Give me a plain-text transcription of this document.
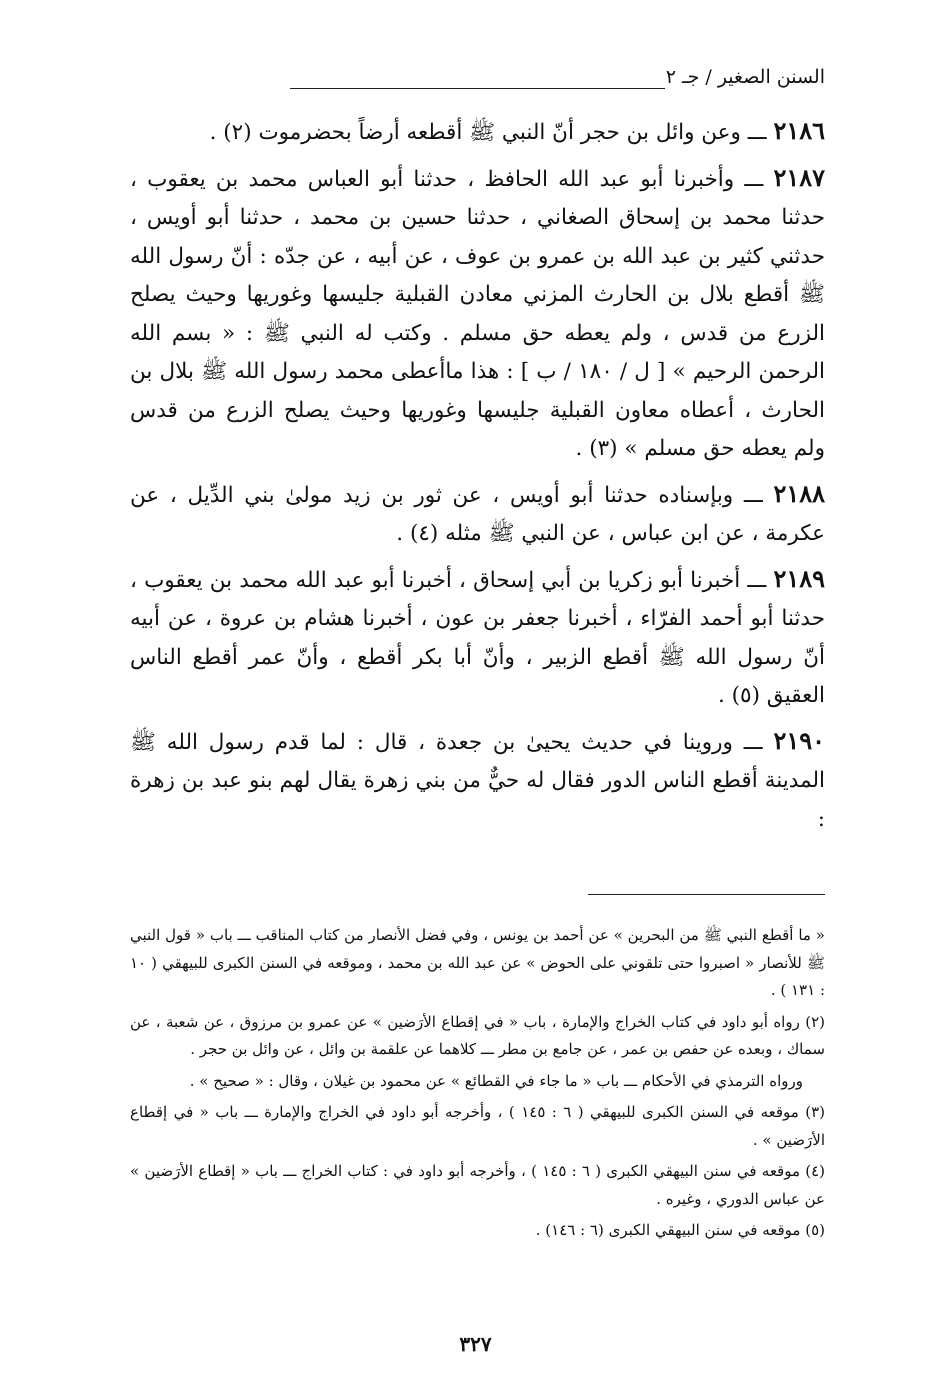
السنن الصغير / جـ ٢

٢١٨٦ ـــ وعن وائل بن حجر أنّ النبي ﷺ أقطعه أرضاً بحضرموت (٢) .

٢١٨٧ ـــ وأخبرنا أبو عبد الله الحافظ ، حدثنا أبو العباس محمد بن يعقوب ، حدثنا محمد بن إسحاق الصغاني ، حدثنا حسين بن محمد ، حدثنا أبو أويس ، حدثني كثير بن عبد الله بن عمرو بن عوف ، عن أبيه ، عن جدّه : أنّ رسول الله ﷺ أقطع بلال بن الحارث المزني معادن القبلية جليسها وغوريها وحيث يصلح الزرع من قدس ، ولم يعطه حق مسلم . وكتب له النبي ﷺ : « بسم الله الرحمن الرحيم » [ ل / ١٨٠ / ب ] : هذا ماأعطى محمد رسول الله ﷺ بلال بن الحارث ، أعطاه معاون القبلية جليسها وغوريها وحيث يصلح الزرع من قدس ولم يعطه حق مسلم » (٣) .

٢١٨٨ ـــ وبإسناده حدثنا أبو أويس ، عن ثور بن زيد مولىٰ بني الدِّيل ، عن عكرمة ، عن ابن عباس ، عن النبي ﷺ مثله (٤) .

٢١٨٩ ـــ أخبرنا أبو زكريا بن أبي إسحاق ، أخبرنا أبو عبد الله محمد بن يعقوب ، حدثنا أبو أحمد الفرّاء ، أخبرنا جعفر بن عون ، أخبرنا هشام بن عروة ، عن أبيه أنّ رسول الله ﷺ أقطع الزبير ، وأنّ أبا بكر أقطع ، وأنّ عمر أقطع الناس العقيق (٥) .

٢١٩٠ ـــ وروينا في حديث يحيىٰ بن جعدة ، قال : لما قدم رسول الله ﷺ المدينة أقطع الناس الدور فقال له حيٌّ من بني زهرة يقال لهم بنو عبد بن زهرة :

« ما أقطع النبي ﷺ من البحرين » عن أحمد بن يونس ، وفي فضل الأنصار من كتاب المناقب ـــ باب « قول النبي ﷺ للأنصار « اصبروا حتى تلقوني على الحوض » عن عبد الله بن محمد ، وموقعه في السنن الكبرى للبيهقي ( ١٠ : ١٣١ ) .

(٢) رواه أبو داود في كتاب الخراج والإمارة ، باب « في إقطاع الأرَضين » عن عمرو بن مرزوق ، عن شعبة ، عن سماك ، وبعده عن حفص بن عمر ، عن جامع بن مطر ـــ كلاهما عن علقمة بن وائل ، عن وائل بن حجر .

ورواه الترمذي في الأحكام ـــ باب « ما جاء في القطائع » عن محمود بن غيلان ، وقال : « صحيح » .

(٣) موقعه في السنن الكبرى للبيهقي ( ٦ : ١٤٥ ) ، وأخرجه أبو داود في الخراج والإمارة ـــ باب « في إقطاع الأرَضين » .

(٤) موقعه في سنن البيهقي الكبرى ( ٦ : ١٤٥ ) ، وأخرجه أبو داود في : كتاب الخراج ـــ باب « إقطاع الأرَضين » عن عباس الدوري ، وغيره .

(٥) موقعه في سنن البيهقي الكبرى (٦ : ١٤٦) .

٣٢٧
